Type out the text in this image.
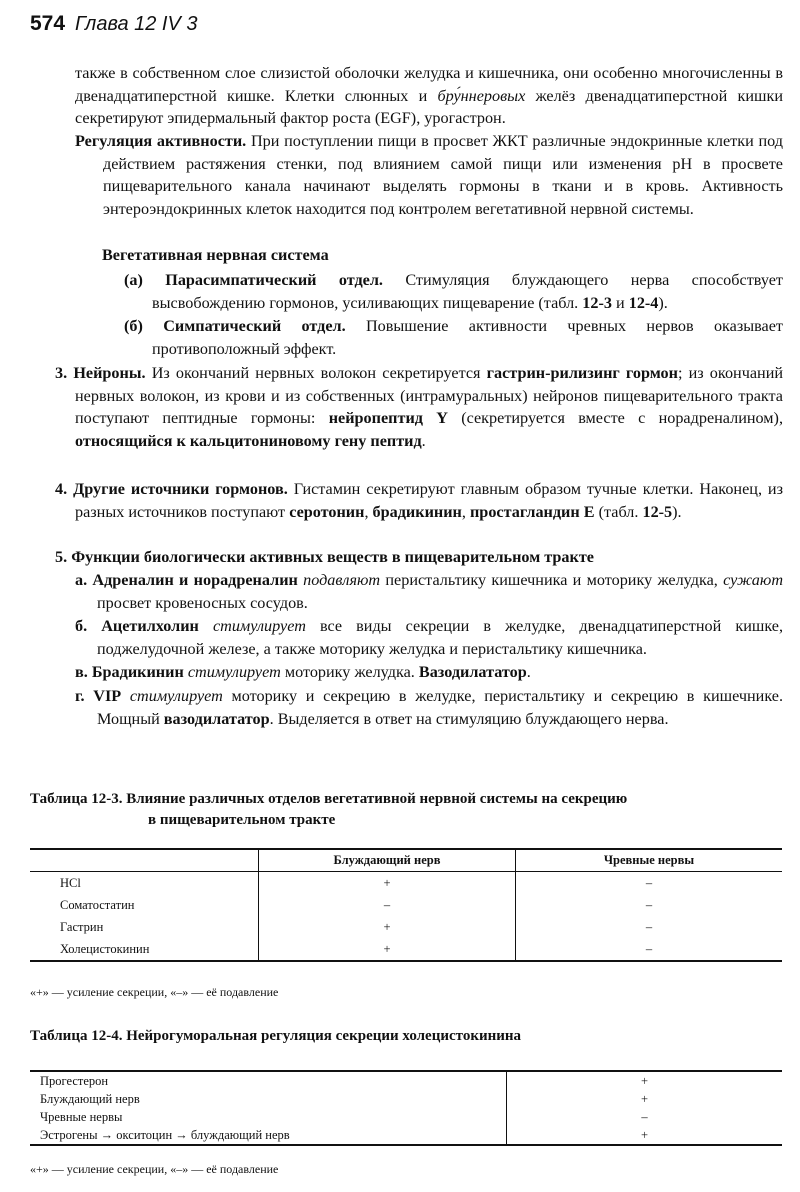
574 Глава 12 IV 3
также в собственном слое слизистой оболочки желудка и кишечника, они особенно многочисленны в двенадцатиперстной кишке. Клетки слюнных и бру́ннеровых желёз двенадцатиперстной кишки секретируют эпидермальный фактор роста (EGF), урогастрон.
Регуляция активности. При поступлении пищи в просвет ЖКТ различные эндокринные клетки под действием растяжения стенки, под влиянием самой пищи или изменения pH в просвете пищеварительного канала начинают выделять гормоны в ткани и в кровь. Активность энтероэндокринных клеток находится под контролем вегетативной нервной системы.
Вегетативная нервная система
(а) Парасимпатический отдел. Стимуляция блуждающего нерва способствует высвобождению гормонов, усиливающих пищеварение (табл. 12-3 и 12-4).
(б) Симпатический отдел. Повышение активности чревных нервов оказывает противоположный эффект.
3. Нейроны. Из окончаний нервных волокон секретируется гастрин-рилизинг гормон; из окончаний нервных волокон, из крови и из собственных (интрамуральных) нейронов пищеварительного тракта поступают пептидные гормоны: нейропептид Y (секретируется вместе с норадреналином), относящийся к кальцитониновому гену пептид.
4. Другие источники гормонов. Гистамин секретируют главным образом тучные клетки. Наконец, из разных источников поступают серотонин, брадикинин, простагландин Е (табл. 12-5).
5. Функции биологически активных веществ в пищеварительном тракте
а. Адреналин и норадреналин подавляют перистальтику кишечника и моторику желудка, сужают просвет кровеносных сосудов.
б. Ацетилхолин стимулирует все виды секреции в желудке, двенадцатиперстной кишке, поджелудочной железе, а также моторику желудка и перистальтику кишечника.
в. Брадикинин стимулирует моторику желудка. Вазодилататор.
г. VIP стимулирует моторику и секрецию в желудке, перистальтику и секрецию в кишечнике. Мощный вазодилататор. Выделяется в ответ на стимуляцию блуждающего нерва.
Таблица 12-3. Влияние различных отделов вегетативной нервной системы на секрецию
в пищеварительном тракте
	Блуждающий нерв	Чревные нервы
HCl	+	–
Соматостатин	–	–
Гастрин	+	–
Холецистокинин	+	–
«+» — усиление секреции, «–» — её подавление
Таблица 12-4. Нейрогуморальная регуляция секреции холецистокинина
Прогестерон	+
Блуждающий нерв	+
Чревные нервы	–
Эстрогены → окситоцин → блуждающий нерв	+
«+» — усиление секреции, «–» — её подавление
